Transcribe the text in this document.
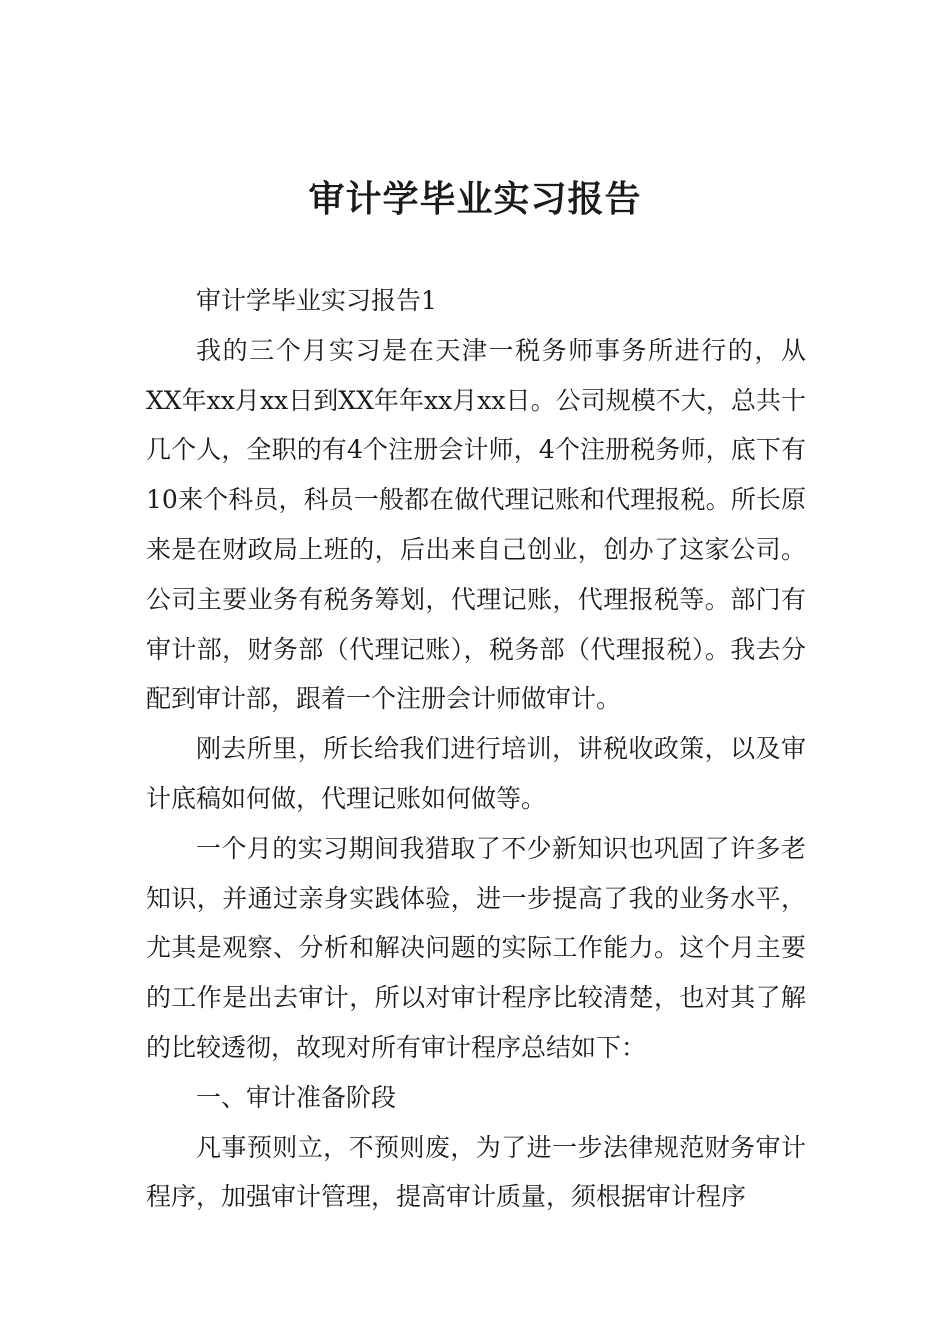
审计学毕业实习报告

审计学毕业实习报告1

我的三个月实习是在天津一税务师事务所进行的，从XX年xx月xx日到XX年年xx月xx日。公司规模不大，总共十几个人，全职的有4个注册会计师，4个注册税务师，底下有10来个科员，科员一般都在做代理记账和代理报税。所长原来是在财政局上班的，后出来自己创业，创办了这家公司。公司主要业务有税务筹划，代理记账，代理报税等。部门有审计部，财务部（代理记账），税务部（代理报税）。我去分配到审计部，跟着一个注册会计师做审计。

刚去所里，所长给我们进行培训，讲税收政策，以及审计底稿如何做，代理记账如何做等。

一个月的实习期间我猎取了不少新知识也巩固了许多老知识，并通过亲身实践体验，进一步提高了我的业务水平，尤其是观察、分析和解决问题的实际工作能力。这个月主要的工作是出去审计，所以对审计程序比较清楚，也对其了解的比较透彻，故现对所有审计程序总结如下：

一、审计准备阶段

凡事预则立，不预则废，为了进一步法律规范财务审计程序，加强审计管理，提高审计质量，须根据审计程序
